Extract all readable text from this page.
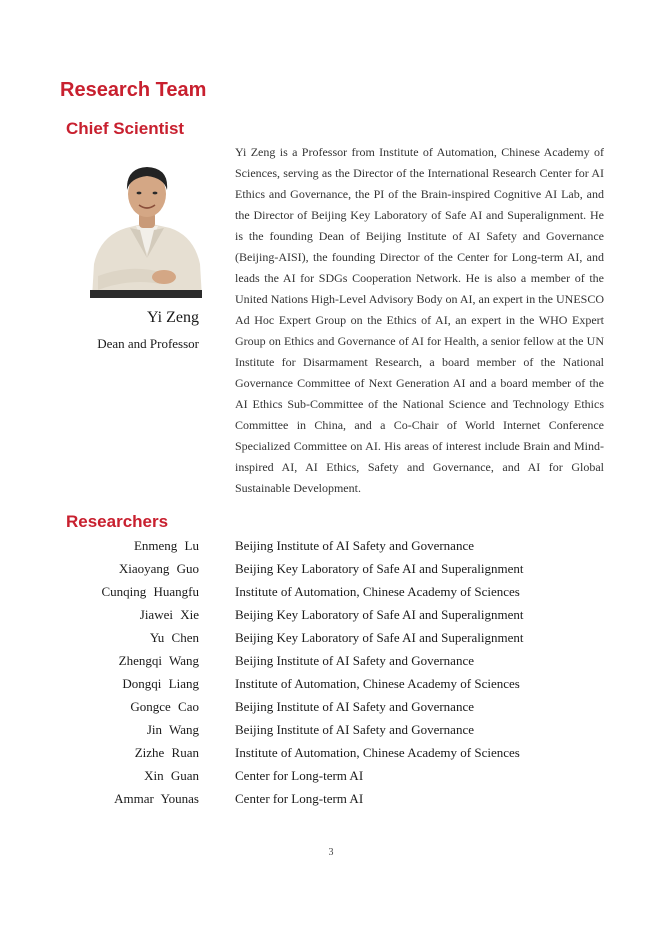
Research Team
Chief Scientist
Yi Zeng
Dean and Professor

Yi Zeng is a Professor from Institute of Automation, Chinese Academy of Sciences, serving as the Director of the International Research Center for AI Ethics and Governance, the PI of the Brain-inspired Cognitive AI Lab, and the Director of Beijing Key Laboratory of Safe AI and Superalignment. He is the founding Dean of Beijing Institute of AI Safety and Governance (Beijing-AISI), the founding Director of the Center for Long-term AI, and leads the AI for SDGs Cooperation Network. He is also a member of the United Nations High-Level Advisory Body on AI, an expert in the UNESCO Ad Hoc Expert Group on the Ethics of AI, an expert in the WHO Expert Group on Ethics and Governance of AI for Health, a senior fellow at the UN Institute for Disarmament Research, a board member of the National Governance Committee of Next Generation AI and a board member of the AI Ethics Sub-Committee of the National Science and Technology Ethics Committee in China, and a Co-Chair of World Internet Conference Specialized Committee on AI. His areas of interest include Brain and Mind-inspired AI, AI Ethics, Safety and Governance, and AI for Global Sustainable Development.

Researchers
Enmeng Lu	Beijing Institute of AI Safety and Governance
Xiaoyang Guo	Beijing Key Laboratory of Safe AI and Superalignment
Cunqing Huangfu	Institute of Automation, Chinese Academy of Sciences
Jiawei Xie	Beijing Key Laboratory of Safe AI and Superalignment
Yu Chen	Beijing Key Laboratory of Safe AI and Superalignment
Zhengqi Wang	Beijing Institute of AI Safety and Governance
Dongqi Liang	Institute of Automation, Chinese Academy of Sciences
Gongce Cao	Beijing Institute of AI Safety and Governance
Jin Wang	Beijing Institute of AI Safety and Governance
Zizhe Ruan	Institute of Automation, Chinese Academy of Sciences
Xin Guan	Center for Long-term AI
Ammar Younas	Center for Long-term AI
3
